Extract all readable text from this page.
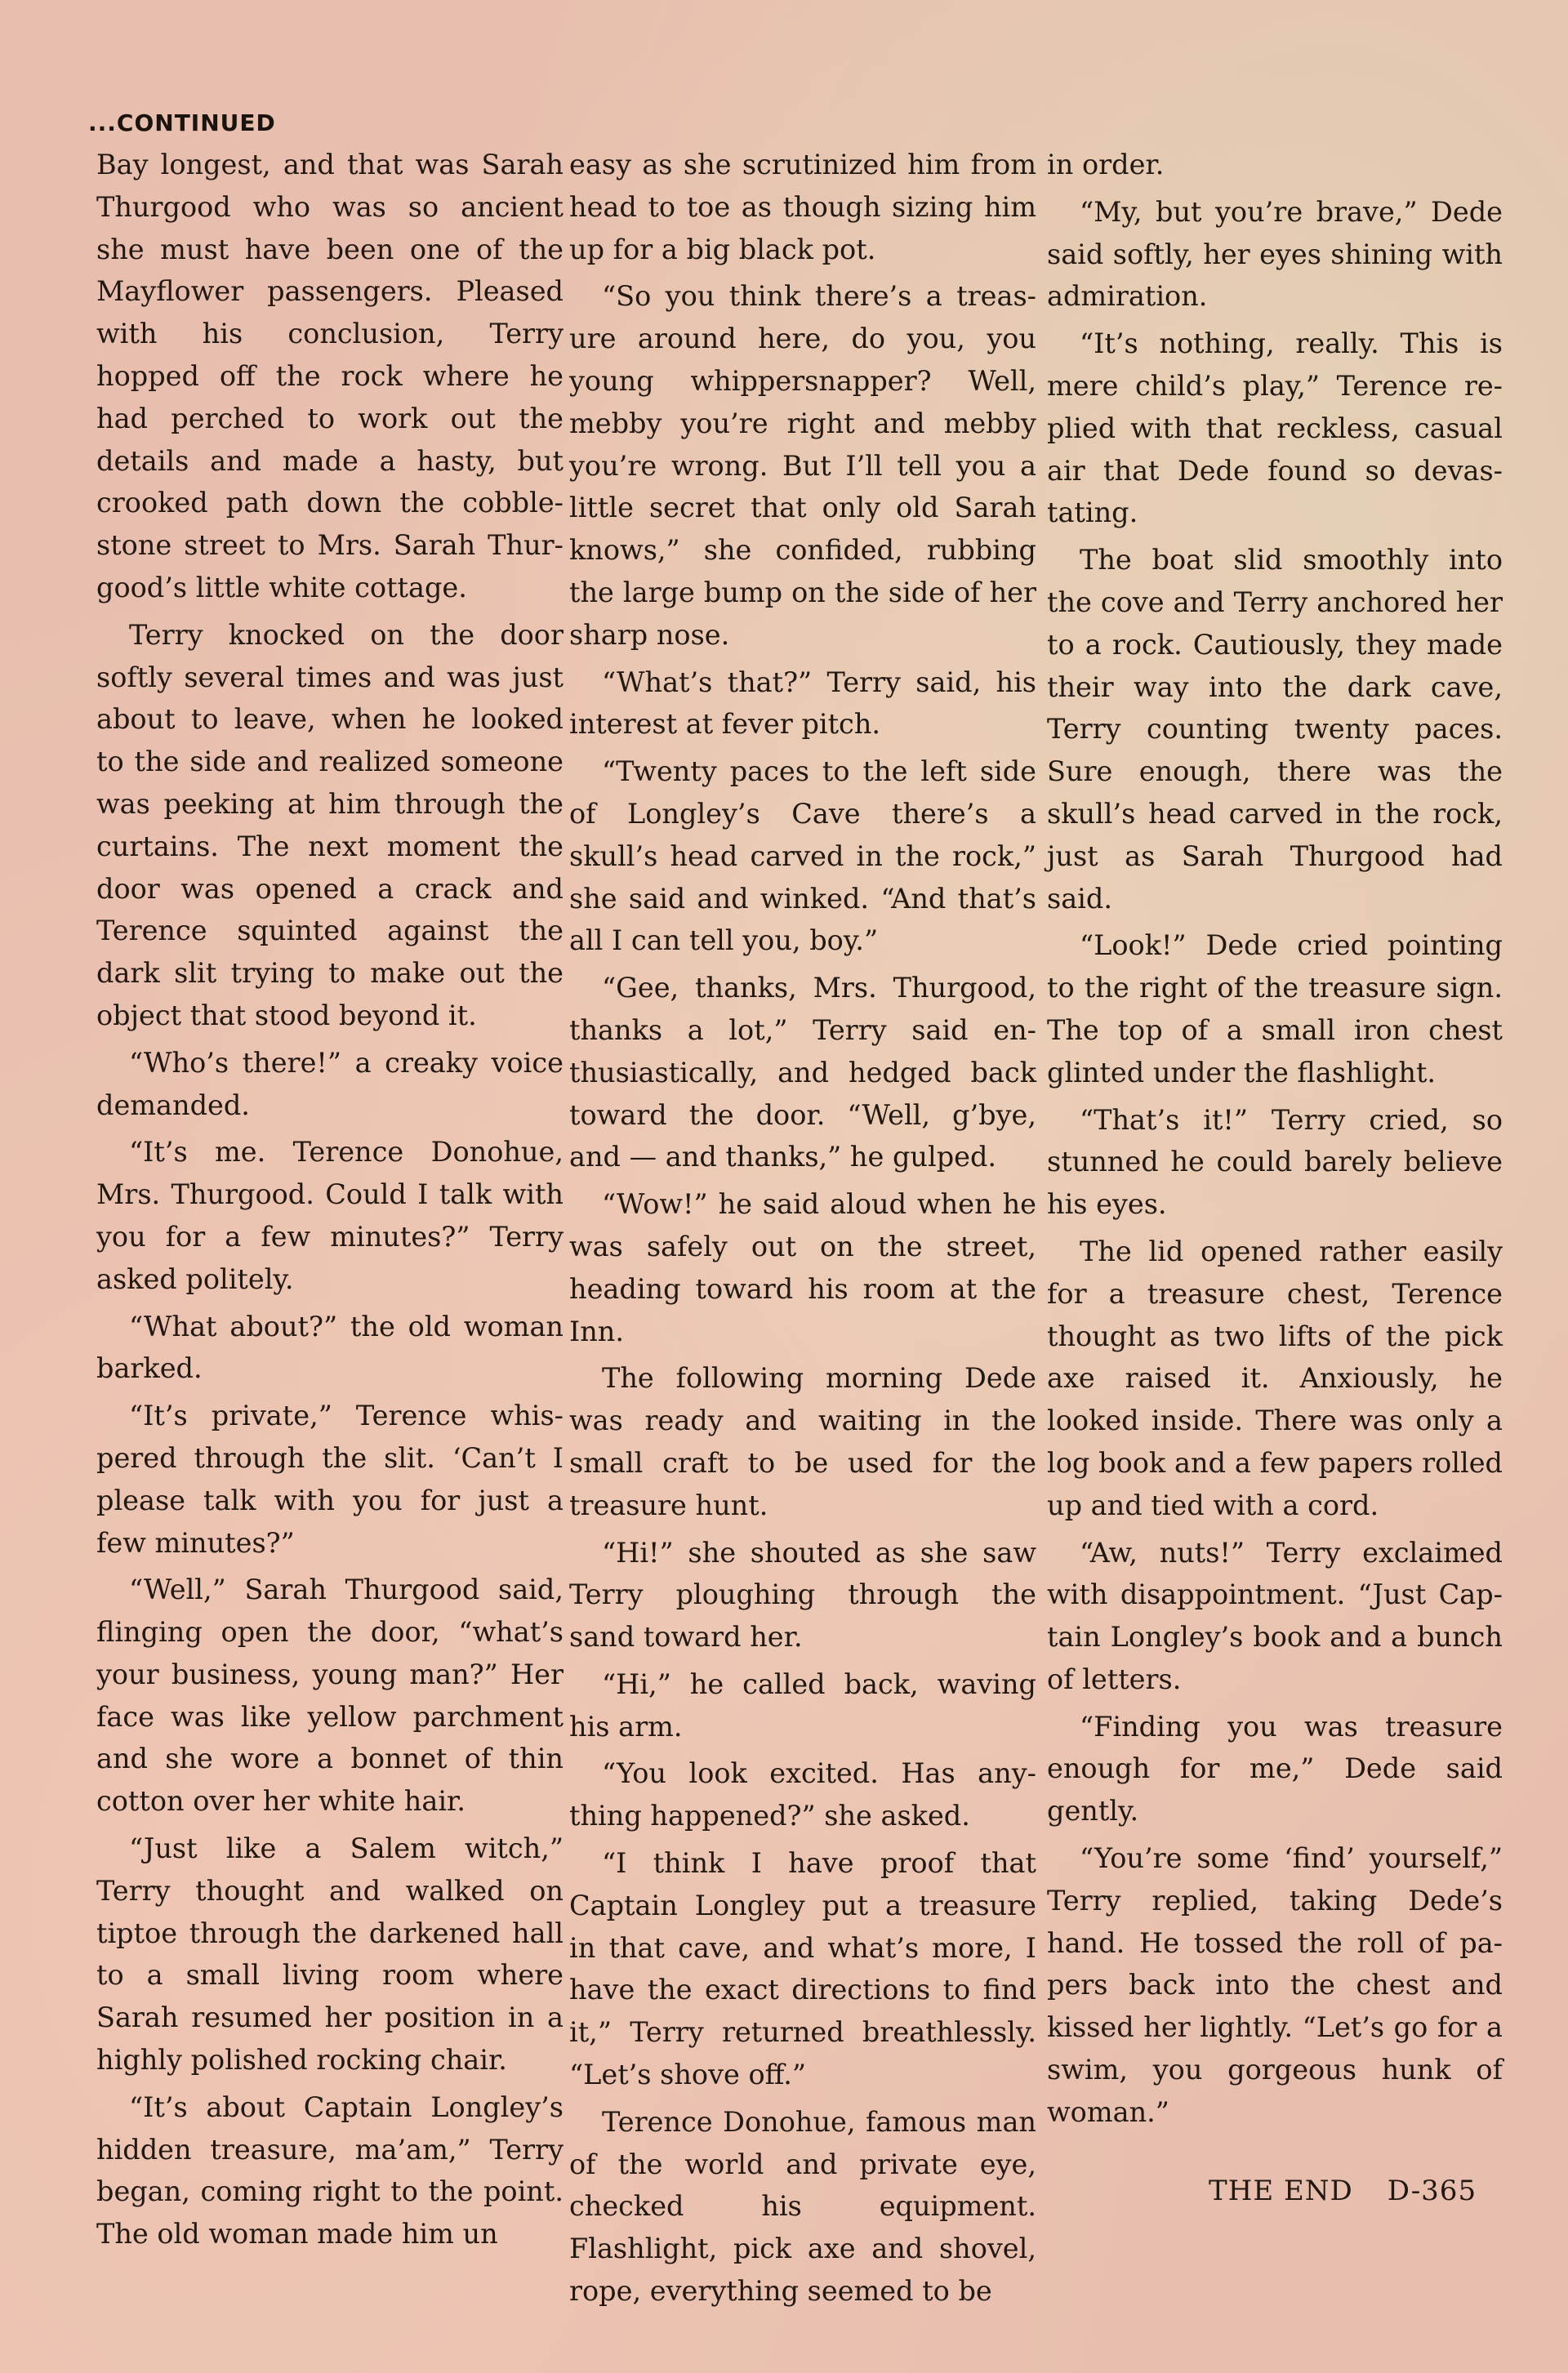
...CONTINUED

Bay longest, and that was Sarah Thurgood who was so ancient she must have been one of the Mayflower passengers. Pleased with his conclusion, Terry hopped off the rock where he had perched to work out the details and made a hasty, but crooked path down the cobblestone street to Mrs. Sarah Thurgood’s little white cottage.

Terry knocked on the door softly several times and was just about to leave, when he looked to the side and realized someone was peeking at him through the curtains. The next moment the door was opened a crack and Terence squinted against the dark slit trying to make out the object that stood beyond it.

“Who’s there!” a creaky voice demanded.

“It’s me. Terence Donohue, Mrs. Thurgood. Could I talk with you for a few minutes?” Terry asked politely.

“What about?” the old woman barked.

“It’s private,” Terence whispered through the slit. ‘Can’t I please talk with you for just a few minutes?”

“Well,” Sarah Thurgood said, flinging open the door, “what’s your business, young man?” Her face was like yellow parchment and she wore a bonnet of thin cotton over her white hair.

“Just like a Salem witch,” Terry thought and walked on tiptoe through the darkened hall to a small living room where Sarah resumed her position in a highly polished rocking chair.

“It’s about Captain Longley’s hidden treasure, ma’am,” Terry began, coming right to the point. The old woman made him un

easy as she scrutinized him from head to toe as though sizing him up for a big black pot.

“So you think there’s a treasure around here, do you, you young whippersnapper? Well, mebby you’re right and mebby you’re wrong. But I’ll tell you a little secret that only old Sarah knows,” she confided, rubbing the large bump on the side of her sharp nose.

“What’s that?” Terry said, his interest at fever pitch.

“Twenty paces to the left side of Longley’s Cave there’s a skull’s head carved in the rock,” she said and winked. “And that’s all I can tell you, boy.”

“Gee, thanks, Mrs. Thurgood, thanks a lot,” Terry said enthusiastically, and hedged back toward the door. “Well, g’bye, and — and thanks,” he gulped.

“Wow!” he said aloud when he was safely out on the street, heading toward his room at the Inn.

The following morning Dede was ready and waiting in the small craft to be used for the treasure hunt.

“Hi!” she shouted as she saw Terry ploughing through the sand toward her.

“Hi,” he called back, waving his arm.

“You look excited. Has anything happened?” she asked.

“I think I have proof that Captain Longley put a treasure in that cave, and what’s more, I have the exact directions to find it,” Terry returned breathlessly. “Let’s shove off.”

Terence Donohue, famous man of the world and private eye, checked his equipment. Flashlight, pick axe and shovel, rope, everything seemed to be

in order.

“My, but you’re brave,” Dede said softly, her eyes shining with admiration.

“It’s nothing, really. This is mere child’s play,” Terence replied with that reckless, casual air that Dede found so devastating.

The boat slid smoothly into the cove and Terry anchored her to a rock. Cautiously, they made their way into the dark cave, Terry counting twenty paces. Sure enough, there was the skull’s head carved in the rock, just as Sarah Thurgood had said.

“Look!” Dede cried pointing to the right of the treasure sign. The top of a small iron chest glinted under the flashlight.

“That’s it!” Terry cried, so stunned he could barely believe his eyes.

The lid opened rather easily for a treasure chest, Terence thought as two lifts of the pick axe raised it. Anxiously, he looked inside. There was only a log book and a few papers rolled up and tied with a cord.

“Aw, nuts!” Terry exclaimed with disappointment. “Just Captain Longley’s book and a bunch of letters.

“Finding you was treasure enough for me,” Dede said gently.

“You’re some ‘find’ yourself,” Terry replied, taking Dede’s hand. He tossed the roll of papers back into the chest and kissed her lightly. “Let’s go for a swim, you gorgeous hunk of woman.”

THE END D-365
